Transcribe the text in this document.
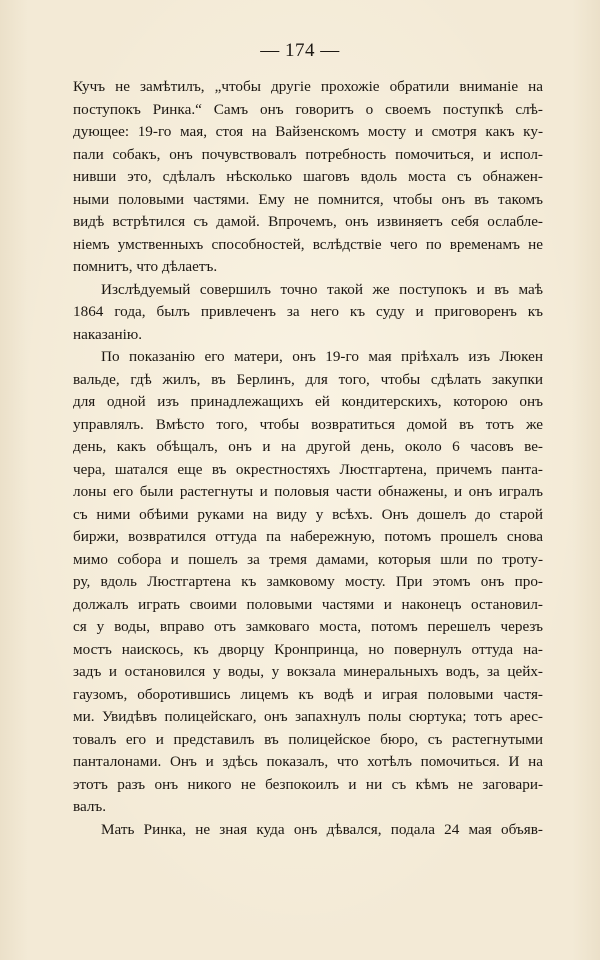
— 174 —
Кучъ не замѣтилъ, „чтобы другіе прохожіе обратили вниманіе на
поступокъ Ринка.“ Самъ онъ говоритъ о своемъ поступкѣ слѣ-
дующее: 19-го мая, стоя на Вайзенскомъ мосту и смотря какъ ку-
пали собакъ, онъ почувствовалъ потребность помочиться, и испол-
нивши это, сдѣлалъ нѣсколько шаговъ вдоль моста съ обнажен-
ными половыми частями. Ему не помнится, чтобы онъ въ такомъ
видѣ встрѣтился съ дамой. Впрочемъ, онъ извиняетъ себя ослабле-
ніемъ умственныхъ способностей, вслѣдствіе чего по временамъ не
помнитъ, что дѣлаетъ.
Изслѣдуемый совершилъ точно такой же поступокъ и въ маѣ
1864 года, былъ привлеченъ за него къ суду и приговоренъ къ
наказанію.
По показанію его матери, онъ 19-го мая пріѣхалъ изъ Люкен
вальде, гдѣ жилъ, въ Берлинъ, для того, чтобы сдѣлать закупки
для одной изъ принадлежащихъ ей кондитерскихъ, которою онъ
управлялъ. Вмѣсто того, чтобы возвратиться домой въ тотъ же
день, какъ обѣщалъ, онъ и на другой день, около 6 часовъ ве-
чера, шатался еще въ окрестностяхъ Люстгартена, причемъ панта-
лоны его были растегнуты и половыя части обнажены, и онъ игралъ
съ ними обѣими руками на виду у всѣхъ. Онъ дошелъ до старой
биржи, возвратился оттуда па набережную, потомъ прошелъ снова
мимо собора и пошелъ за тремя дамами, которыя шли по троту-
ру, вдоль Люстгартена къ замковому мосту. При этомъ онъ про-
должалъ играть своими половыми частями и наконецъ остановил-
ся у воды, вправо отъ замковаго моста, потомъ перешелъ черезъ
мостъ наискось, къ дворцу Кронпринца, но повернулъ оттуда на-
задъ и остановился у воды, у вокзала минеральныхъ водъ, за цейх-
гаузомъ, оборотившись лицемъ къ водѣ и играя половыми частя-
ми. Увидѣвъ полицейскаго, онъ запахнулъ полы сюртука; тотъ арес-
товалъ его и представилъ въ полицейское бюро, съ растегнутыми
панталонами. Онъ и здѣсь показалъ, что хотѣлъ помочиться. И на
этотъ разъ онъ никого не безпокоилъ и ни съ кѣмъ не заговари-
валъ.
Мать Ринка, не зная куда онъ дѣвался, подала 24 мая объяв-
